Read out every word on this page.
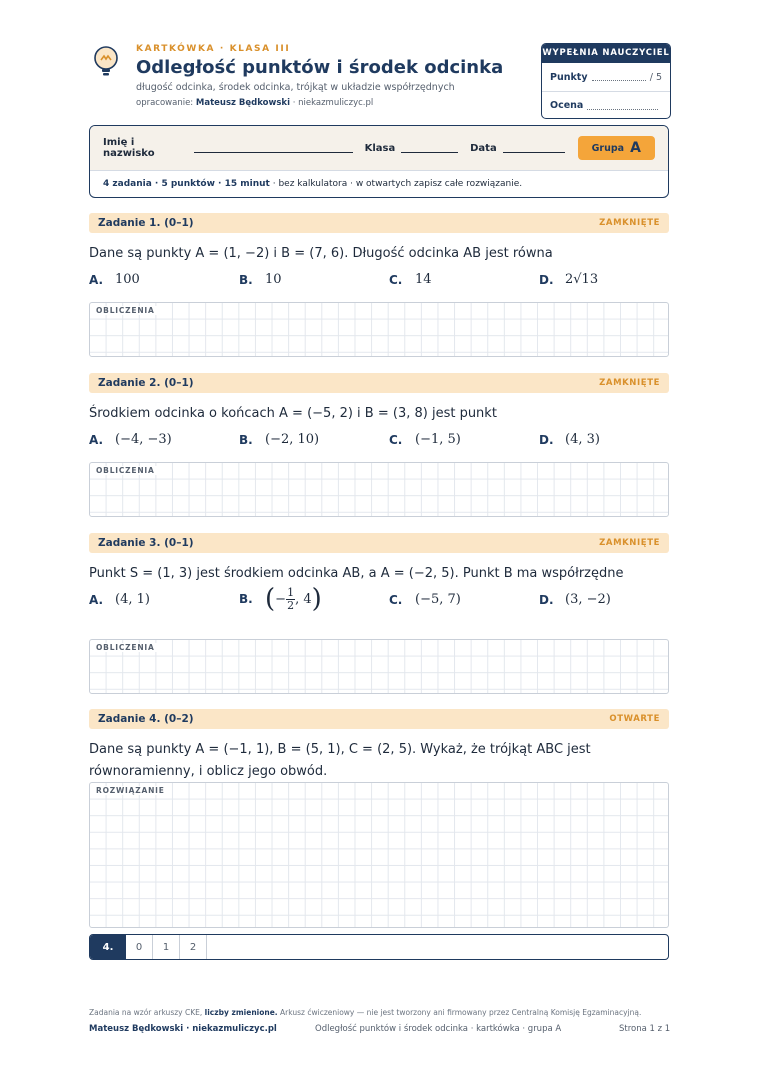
KARTKÓWKA · KLASA III
Odległość punktów i środek odcinka
długość odcinka, środek odcinka, trójkąt w układzie współrzędnych
opracowanie: Mateusz Będkowski · niekazmuliczyc.pl
WYPEŁNIA NAUCZYCIEL
Punkty	/ 5
Ocena
Imię i nazwisko	Klasa	Data	Grupa A
4 zadania · 5 punktów · 15 minut
· bez kalkulatora · w otwartych zapisz całe rozwiązanie.
Zadanie 1. (0–1)	ZAMKNIĘTE
Dane są punkty A = (1, −2) i B = (7, 6). Długość odcinka AB jest równa
A. 100	B. 10	C. 14	D. 2√13
OBLICZENIA
Zadanie 2. (0–1)	ZAMKNIĘTE
Środkiem odcinka o końcach A = (−5, 2) i B = (3, 8) jest punkt
A. (−4, −3)	B. (−2, 10)	C. (−1, 5)	D. (4, 3)
OBLICZENIA
Zadanie 3. (0–1)	ZAMKNIĘTE
Punkt S = (1, 3) jest środkiem odcinka AB, a A = (−2, 5). Punkt B ma współrzędne
A. (4, 1)	B. ( − $\frac{1}{2}$ , 4 )	C. (−5, 7)	D. (3, −2)
OBLICZENIA
Zadanie 4. (0–2)	OTWARTE
Dane są punkty A = (−1, 1), B = (5, 1), C = (2, 5). Wykaż, że trójkąt ABC jest
równoramienny, i oblicz jego obwód.
ROZWIĄZANIE
4.	0	1	2
Zadania na wzór arkuszy CKE, liczby zmienione. Arkusz ćwiczeniowy — nie jest tworzony ani firmowany przez Centralną Komisję Egzaminacyjną.
Mateusz Będkowski · niekazmuliczyc.pl	Odległość punktów i środek odcinka · kartkówka · grupa A	Strona 1 z 1
